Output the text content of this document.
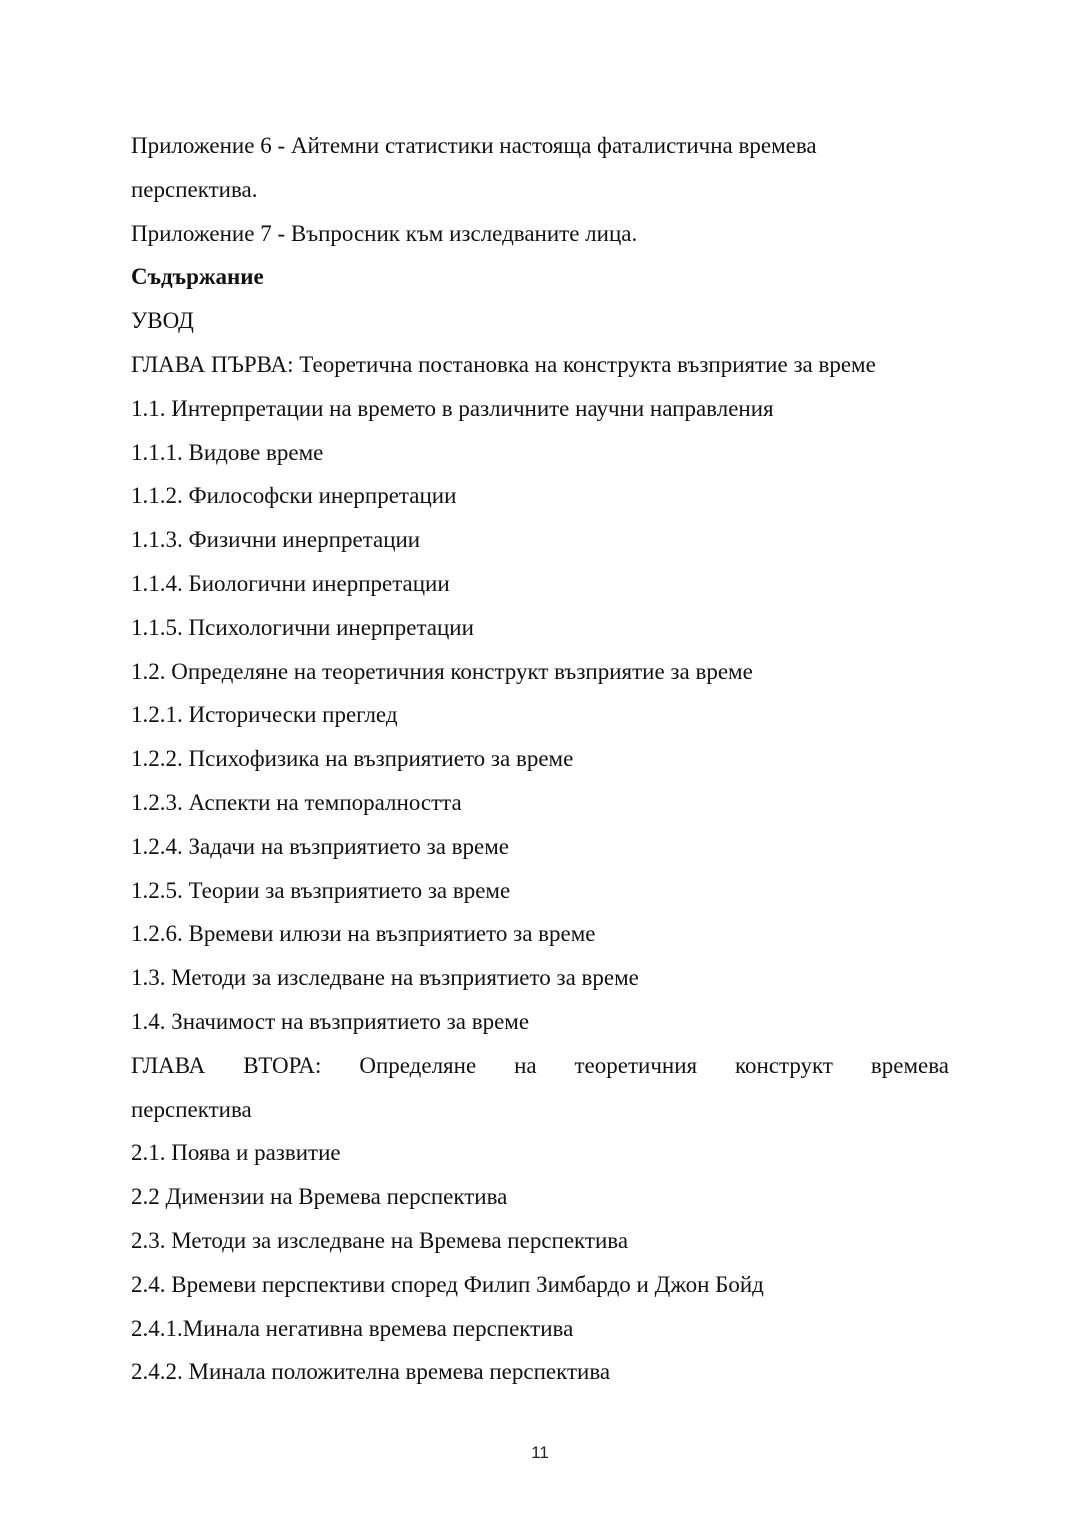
Приложение 6 - Айтемни статистики настояща фаталистична времева

перспектива.

Приложение 7 - Въпросник към изследваните лица.

Съдържание

УВОД

ГЛАВА ПЪРВА: Теоретична постановка на конструкта възприятие за време

1.1. Интерпретации на времето в различните научни направления

1.1.1. Видове време

1.1.2. Философски инерпретации

1.1.3. Физични инерпретации

1.1.4. Биологични инерпретации

1.1.5. Психологични инерпретации

1.2. Определяне на теоретичния конструкт възприятие за време

1.2.1. Исторически преглед

1.2.2. Психофизика на възприятието за време

1.2.3. Аспекти на темпоралността

1.2.4. Задачи на възприятието за време

1.2.5. Теории за възприятието за време

1.2.6. Времеви илюзи на възприятието за време

1.3. Методи за изследване на възприятието за време

1.4. Значимост на възприятието за време

ГЛАВА ВТОРА: Определяне на теоретичния конструкт времева

перспектива

2.1. Поява и развитие

2.2 Димензии на Времева перспектива

2.3. Методи за изследване на Времева перспектива

2.4. Времеви перспективи според Филип Зимбардо и Джон Бойд

2.4.1.Минала негативна времева перспектива

2.4.2. Минала положителна времева перспектива

11
